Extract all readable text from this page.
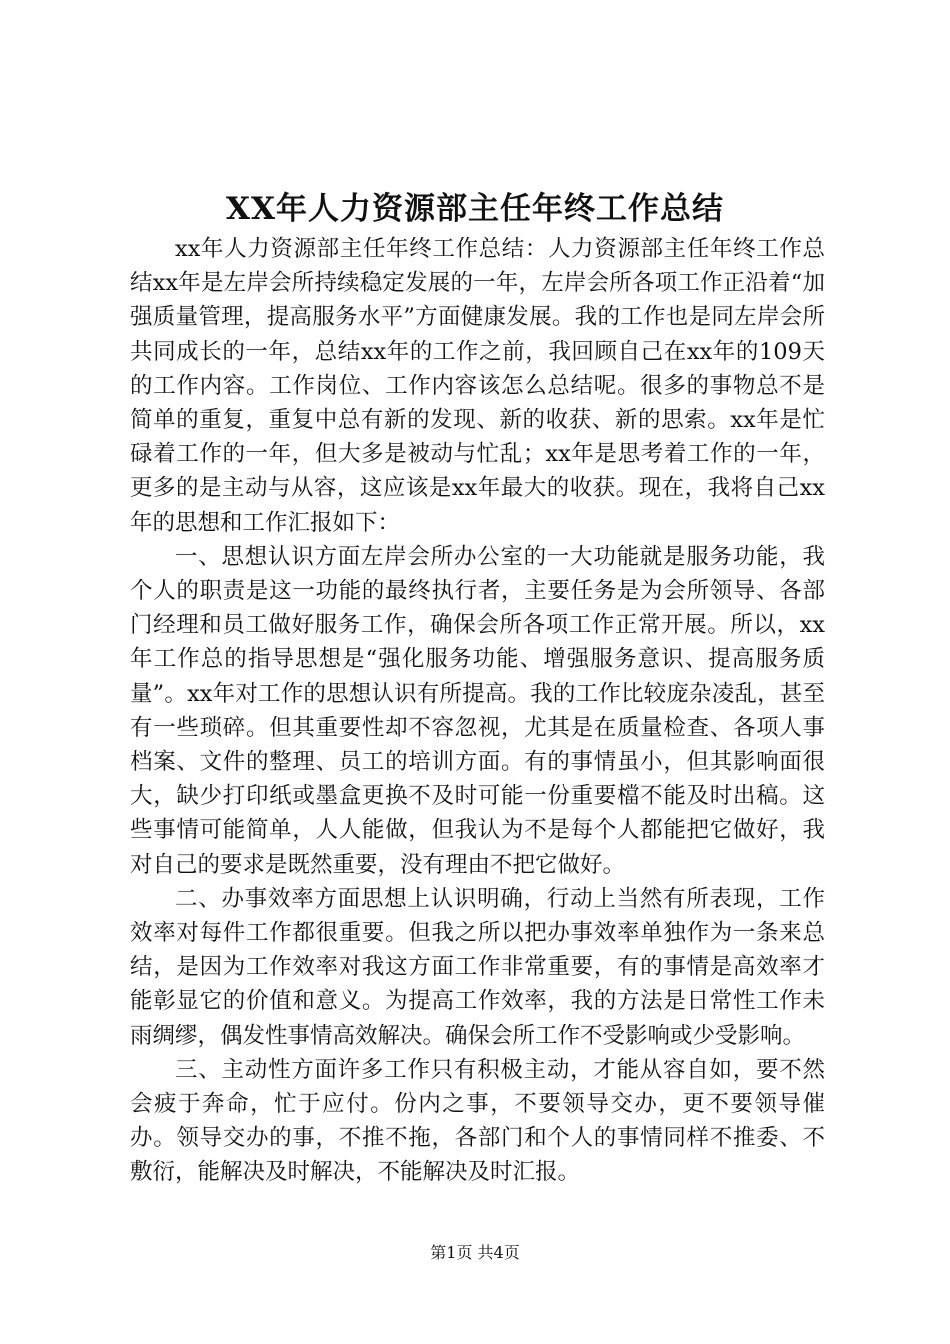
XX年人力资源部主任年终工作总结

xx年人力资源部主任年终工作总结：人力资源部主任年终工作总结xx年是左岸会所持续稳定发展的一年，左岸会所各项工作正沿着“加强质量管理，提高服务水平”方面健康发展。我的工作也是同左岸会所共同成长的一年，总结xx年的工作之前，我回顾自己在xx年的109天的工作内容。工作岗位、工作内容该怎么总结呢。很多的事物总不是简单的重复，重复中总有新的发现、新的收获、新的思索。xx年是忙碌着工作的一年，但大多是被动与忙乱；xx年是思考着工作的一年，更多的是主动与从容，这应该是xx年最大的收获。现在，我将自己xx年的思想和工作汇报如下：

一、思想认识方面左岸会所办公室的一大功能就是服务功能，我个人的职责是这一功能的最终执行者，主要任务是为会所领导、各部门经理和员工做好服务工作，确保会所各项工作正常开展。所以，xx年工作总的指导思想是“强化服务功能、增强服务意识、提高服务质量”。xx年对工作的思想认识有所提高。我的工作比较庞杂凌乱，甚至有一些琐碎。但其重要性却不容忽视，尤其是在质量检查、各项人事档案、文件的整理、员工的培训方面。有的事情虽小，但其影响面很大，缺少打印纸或墨盒更换不及时可能一份重要檔不能及时出稿。这些事情可能简单，人人能做，但我认为不是每个人都能把它做好，我对自己的要求是既然重要，没有理由不把它做好。

二、办事效率方面思想上认识明确，行动上当然有所表现，工作效率对每件工作都很重要。但我之所以把办事效率单独作为一条来总结，是因为工作效率对我这方面工作非常重要，有的事情是高效率才能彰显它的价值和意义。为提高工作效率，我的方法是日常性工作未雨绸缪，偶发性事情高效解决。确保会所工作不受影响或少受影响。

三、主动性方面许多工作只有积极主动，才能从容自如，要不然会疲于奔命，忙于应付。份内之事，不要领导交办，更不要领导催办。领导交办的事，不推不拖，各部门和个人的事情同样不推委、不敷衍，能解决及时解决，不能解决及时汇报。

第1页 共4页
